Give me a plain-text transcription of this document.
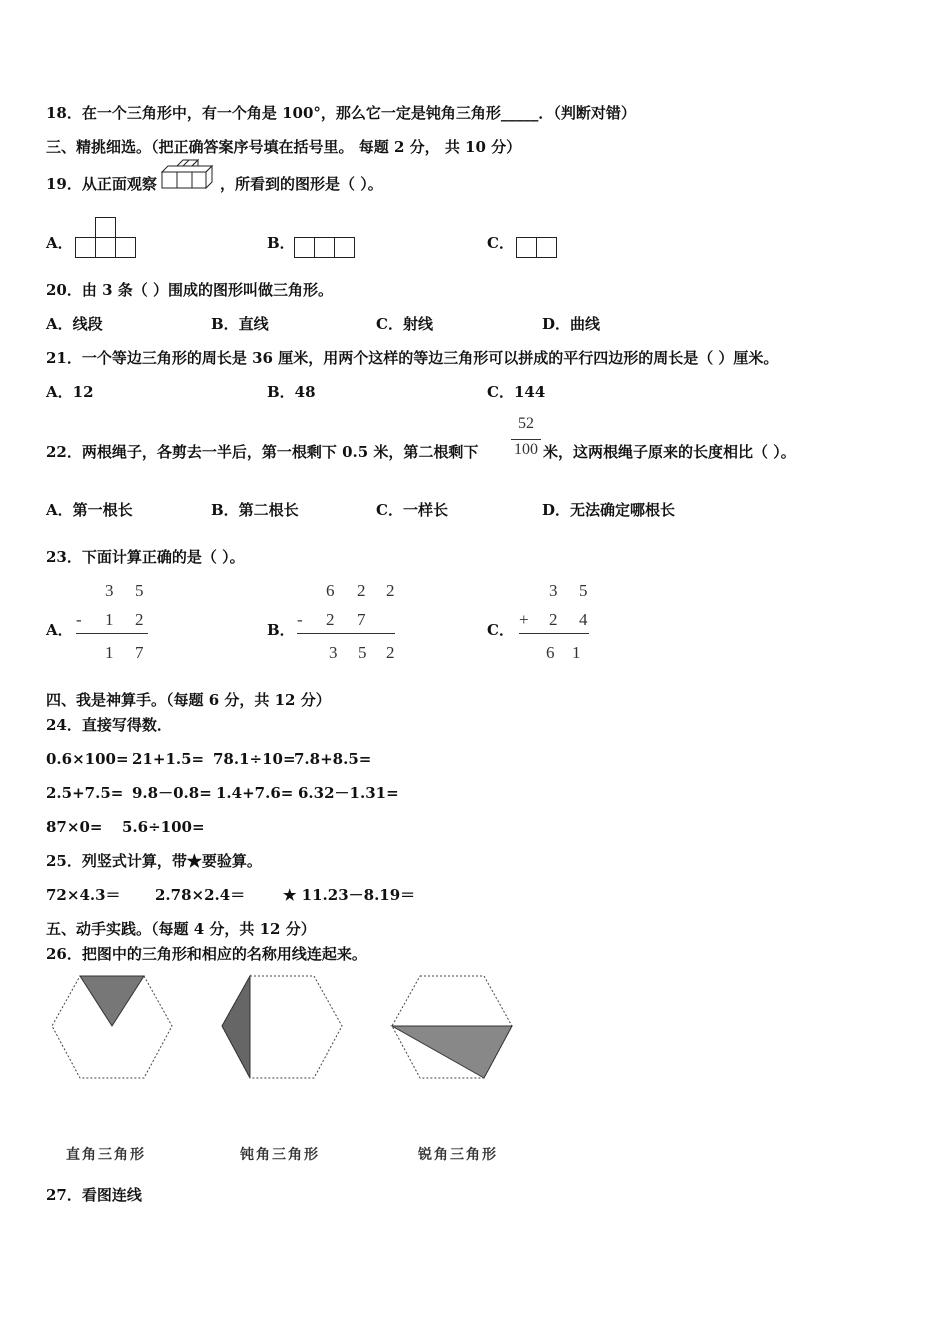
18．在一个三角形中，有一个角是 100°，那么它一定是钝角三角形_____．（判断对错）
三、精挑细选。（把正确答案序号填在括号里。 每题 2 分， 共 10 分）
19．从正面观察	，所看到的图形是（ ）。
A．	B．	C．
20．由 3 条（ ）围成的图形叫做三角形。
A．线段	B．直线	C．射线	D．曲线
21．一个等边三角形的周长是 36 厘米，用两个这样的等边三角形可以拼成的平行四边形的周长是（ ）厘米。
A．12	B．48	C．144
22．两根绳子，各剪去一半后，第一根剩下 0.5 米，第二根剩下
52
100 米，这两根绳子原来的长度相比（ ）。
A．第一根长	B．第二根长	C．一样长	D．无法确定哪根长
23．下面计算正确的是（ ）。
A．
3 5
- 1 2
1 7
B．
6 2 2
- 2 7
3 5 2
C．
3 5
+ 2 4
6 1
四、我是神算手。（每题 6 分，共 12 分）
24．直接写得数．
0.6×100= 21+1.5= 78.1÷10=
7.8+8.5=
2.5+7.5= 9.8－0.8= 1.4+7.6= 6.32－1.31=
87×0= 5.6÷100=
25．列竖式计算，带★要验算。
72×4.3＝ 2.78×2.4＝	★ 11.23－8.19＝
五、动手实践。（每题 4 分，共 12 分）
26．把图中的三角形和相应的名称用线连起来。
直角三角形	钝角三角形	锐角三角形
27．看图连线
